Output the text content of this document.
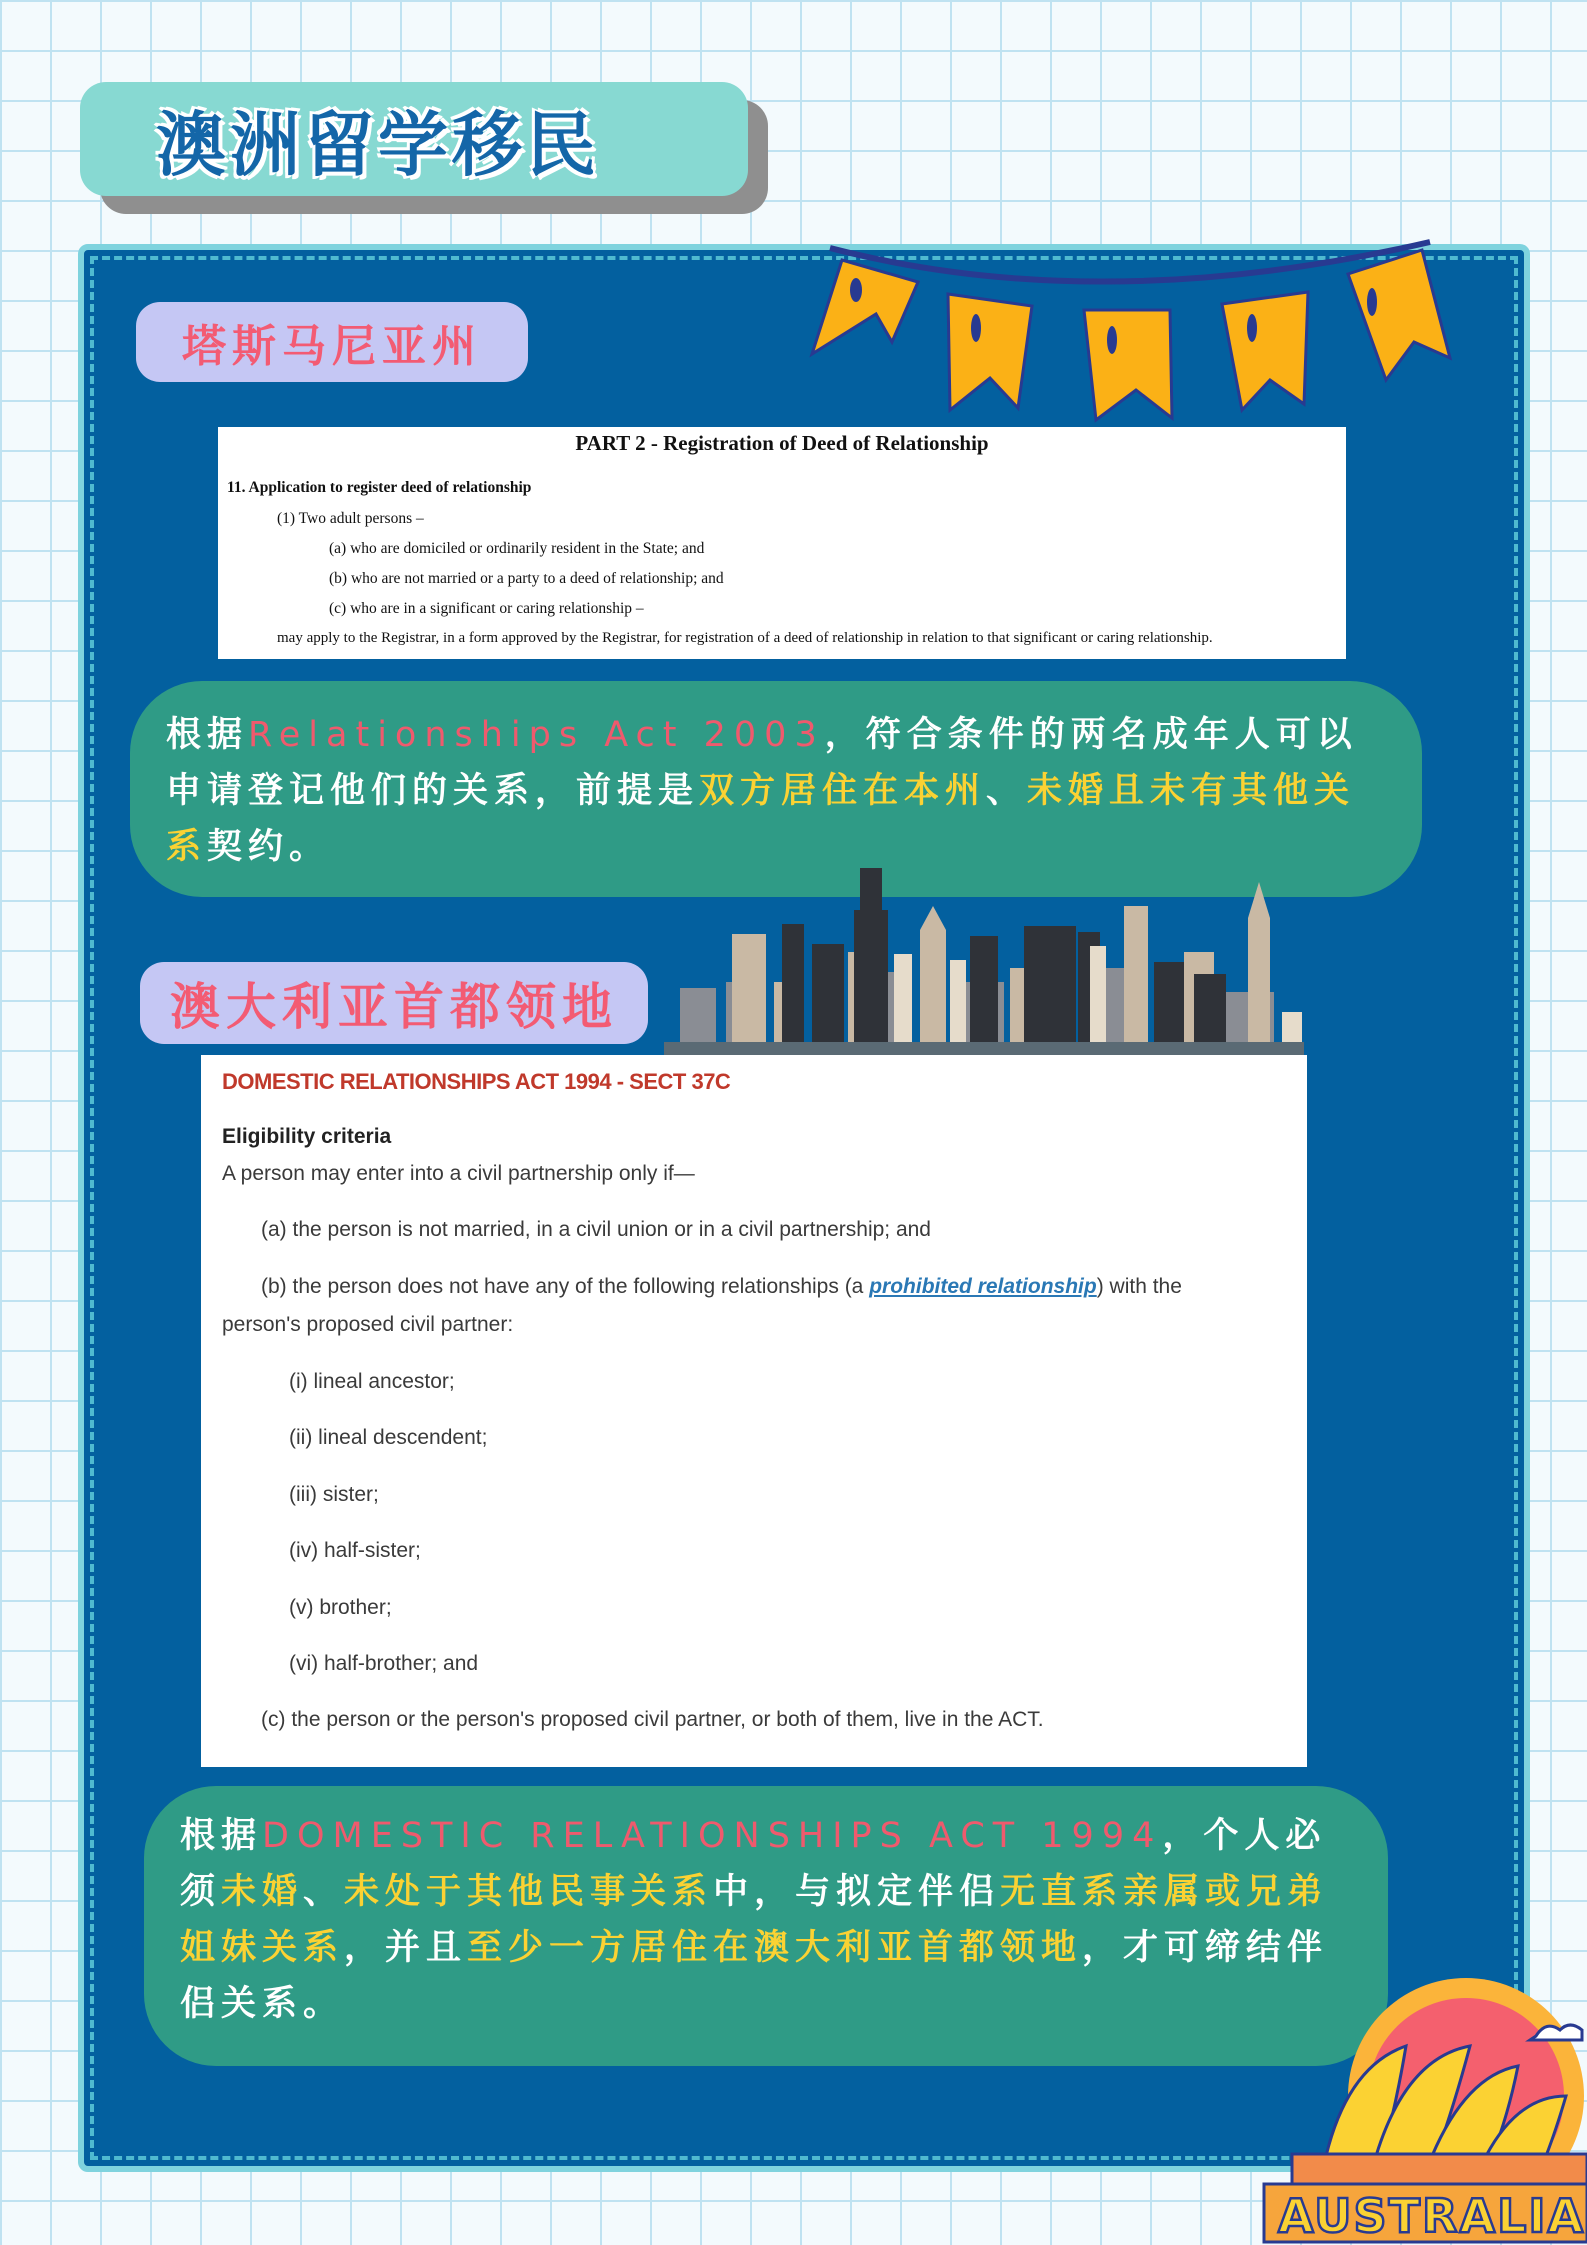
澳洲留学移民
塔斯马尼亚州
PART 2 - Registration of Deed of Relationship
11. Application to register deed of relationship
(1) Two adult persons –
(a) who are domiciled or ordinarily resident in the State; and
(b) who are not married or a party to a deed of relationship; and
(c) who are in a significant or caring relationship –
may apply to the Registrar, in a form approved by the Registrar, for registration of a deed of relationship in relation to that significant or caring relationship.
根据Relationships Act 2003，符合条件的两名成年人可以申请登记他们的关系，前提是双方居住在本州、未婚且未有其他关系契约。
澳大利亚首都领地
DOMESTIC RELATIONSHIPS ACT 1994 - SECT 37C
Eligibility criteria
A person may enter into a civil partnership only if—
(a) the person is not married, in a civil union or in a civil partnership; and
(b) the person does not have any of the following relationships (a prohibited relationship) with the
person's proposed civil partner:
(i) lineal ancestor;
(ii) lineal descendent;
(iii) sister;
(iv) half-sister;
(v) brother;
(vi) half-brother; and
(c) the person or the person's proposed civil partner, or both of them, live in the ACT.
根据DOMESTIC RELATIONSHIPS ACT 1994，个人必须未婚、未处于其他民事关系中，与拟定伴侣无直系亲属或兄弟姐妹关系，并且至少一方居住在澳大利亚首都领地，才可缔结伴侣关系。
AUSTRALIA
